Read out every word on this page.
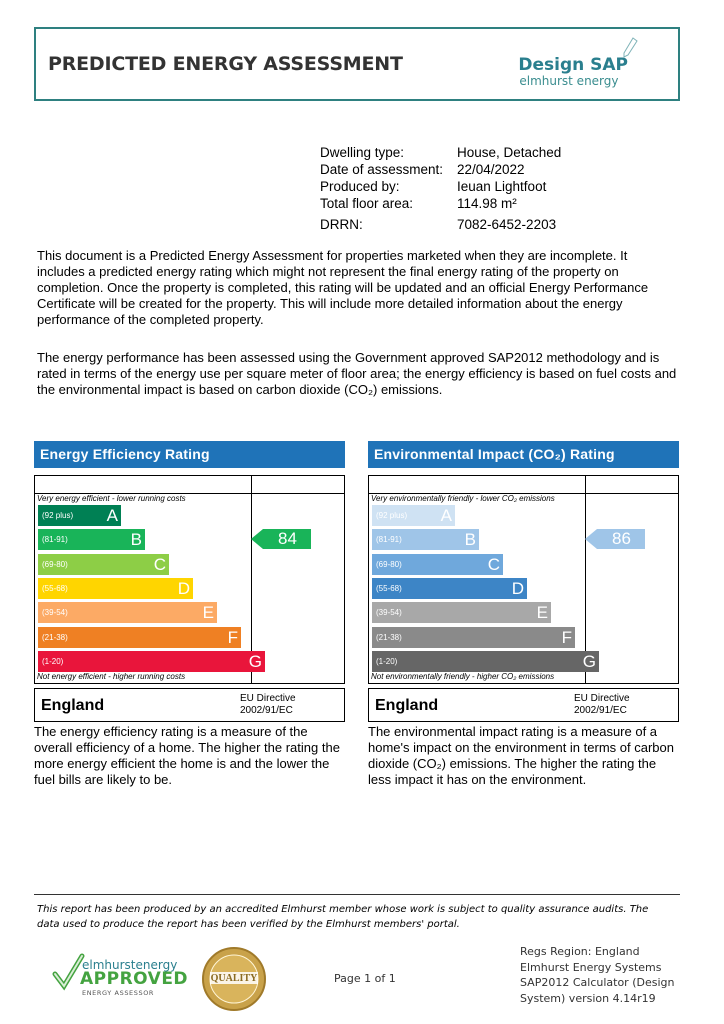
PREDICTED ENERGY ASSESSMENT	Design SAP
elmhurst energy
Dwelling type:	House, Detached
Date of assessment:	22/04/2022
Produced by:	Ieuan Lightfoot
Total floor area:	114.98 m²
DRRN:	7082-6452-2203
This document is a Predicted Energy Assessment for properties marketed when they are incomplete. It includes a predicted energy rating which might not represent the final energy rating of the property on completion. Once the property is completed, this rating will be updated and an official Energy Performance Certificate will be created for the property. This will include more detailed information about the energy performance of the completed property.
The energy performance has been assessed using the Government approved SAP2012 methodology and is rated in terms of the energy use per square meter of floor area; the energy efficiency is based on fuel costs and the environmental impact is based on carbon dioxide (CO₂) emissions.
Energy Efficiency Rating
Very energy efficient - lower running costs
(92 plus)	A
(81-91)	B
(69-80)	C
(55-68)	D
(39-54)	E
(21-38)	F
(1-20)	G
Not energy efficient - higher running costs
84
England	EU Directive
2002/91/EC
The energy efficiency rating is a measure of the overall efficiency of a home. The higher the rating the more energy efficient the home is and the lower the fuel bills are likely to be.
Environmental Impact (CO₂) Rating
Very environmentally friendly - lower CO₂ emissions
(92 plus)	A
(81-91)	B
(69-80)	C
(55-68)	D
(39-54)	E
(21-38)	F
(1-20)	G
Not environmentally friendly - higher CO₂ emissions
86
England	EU Directive
2002/91/EC
The environmental impact rating is a measure of a home's impact on the environment in terms of carbon dioxide (CO₂) emissions. The higher the rating the less impact it has on the environment.
This report has been produced by an accredited Elmhurst member whose work is subject to quality assurance audits. The data used to produce the report has been verified by the Elmhurst members' portal.
elmhurstenergy
APPROVED
ENERGY ASSESSOR
QUALITY	Page 1 of 1
Regs Region: England
Elmhurst Energy Systems
SAP2012 Calculator (Design
System) version 4.14r19
